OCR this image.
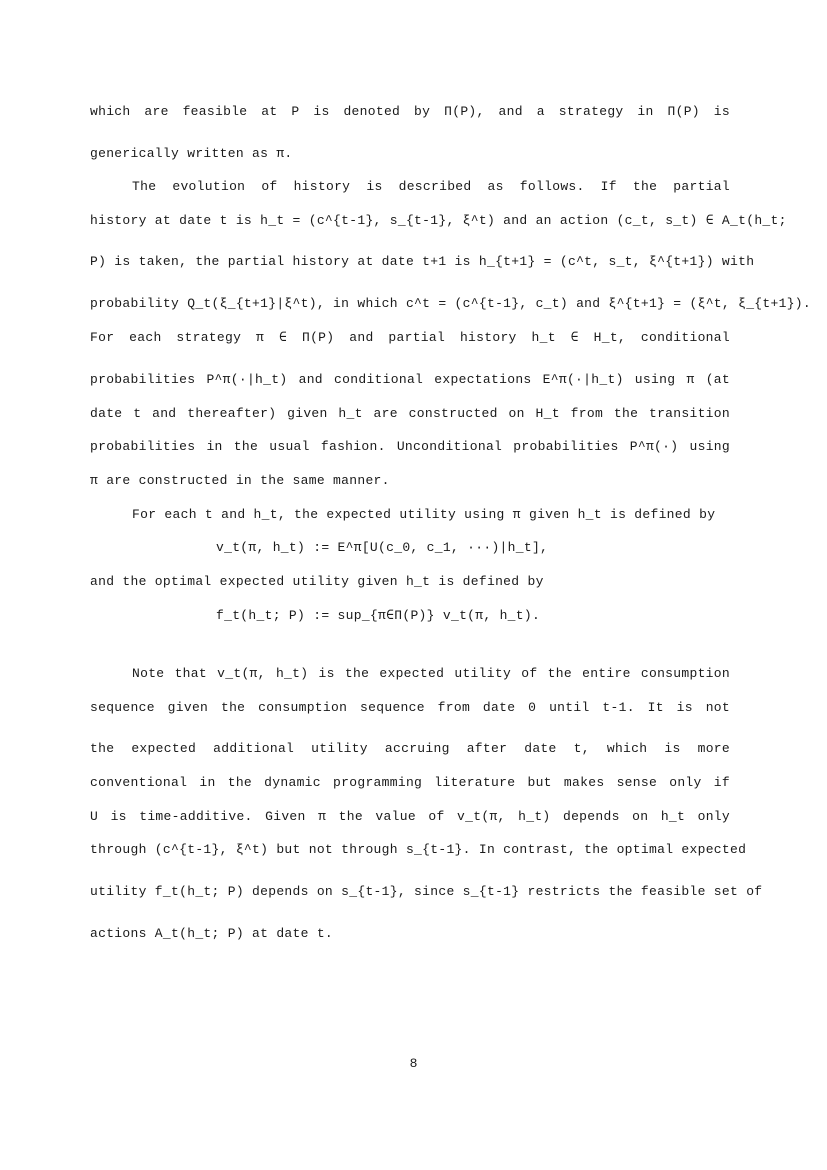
which are feasible at P is denoted by Π(P), and a strategy in Π(P) is
generically written as π.
The evolution of history is described as follows. If the partial
history at date t is h_t = (c^{t-1}, s_{t-1}, ξ^t) and an action (c_t, s_t) ∈ A_t(h_t;
P) is taken, the partial history at date t+1 is h_{t+1} = (c^t, s_t, ξ^{t+1}) with
probability Q_t(ξ_{t+1}|ξ^t), in which c^t = (c^{t-1}, c_t) and ξ^{t+1} = (ξ^t, ξ_{t+1}).
For each strategy π ∈ Π(P) and partial history h_t ∈ H_t, conditional
probabilities P^π(·|h_t) and conditional expectations E^π(·|h_t) using π (at
date t and thereafter) given h_t are constructed on H_t from the transition
probabilities in the usual fashion. Unconditional probabilities P^π(·) using
π are constructed in the same manner.
For each t and h_t, the expected utility using π given h_t is defined by
v_t(π, h_t) := E^π[U(c_0, c_1, ···)|h_t],
and the optimal expected utility given h_t is defined by
f_t(h_t; P) := sup_{π∈Π(P)} v_t(π, h_t).
Note that v_t(π, h_t) is the expected utility of the entire consumption
sequence given the consumption sequence from date 0 until t-1. It is not
the expected additional utility accruing after date t, which is more
conventional in the dynamic programming literature but makes sense only if
U is time-additive. Given π the value of v_t(π, h_t) depends on h_t only
through (c^{t-1}, ξ^t) but not through s_{t-1}. In contrast, the optimal expected
utility f_t(h_t; P) depends on s_{t-1}, since s_{t-1} restricts the feasible set of
actions A_t(h_t; P) at date t.
8
